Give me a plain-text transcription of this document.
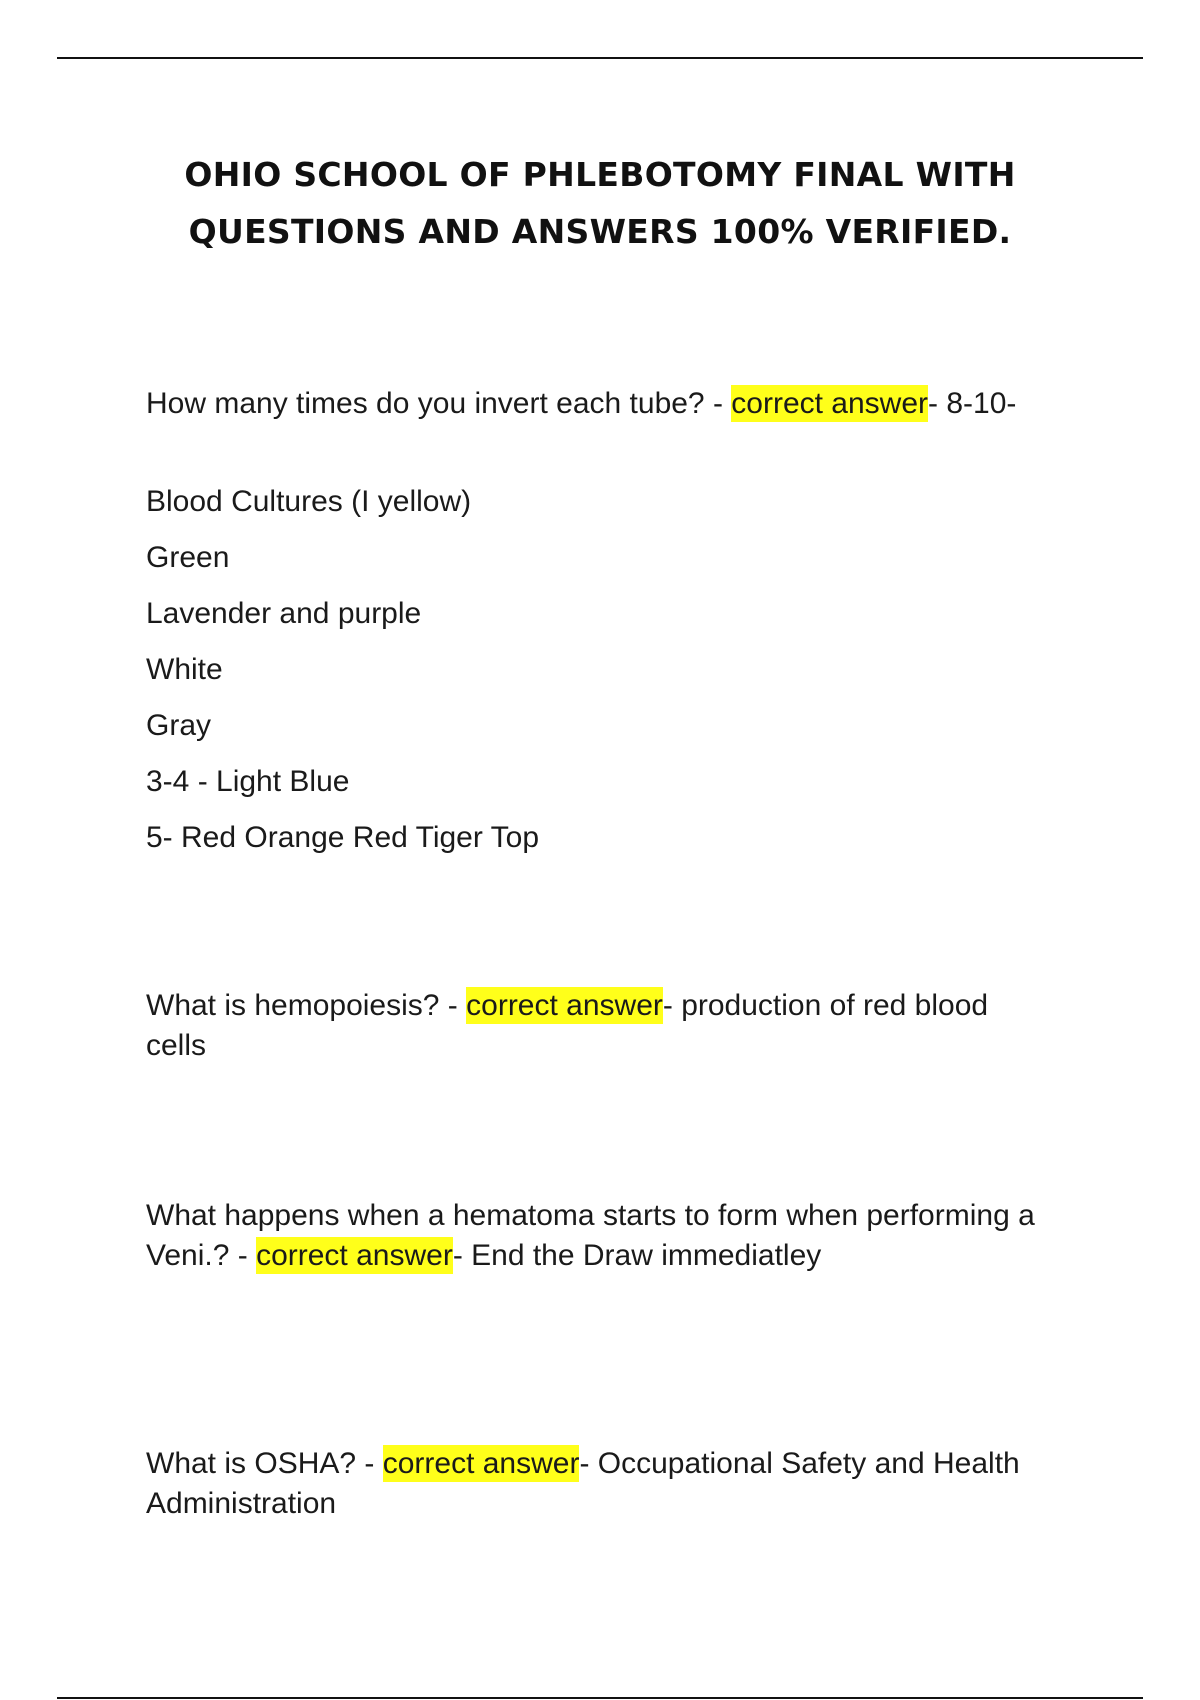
OHIO SCHOOL OF PHLEBOTOMY FINAL WITH
QUESTIONS AND ANSWERS 100% VERIFIED.
How many times do you invert each tube? - correct answer- 8-10-
Blood Cultures (I yellow)
Green
Lavender and purple
White
Gray
3-4 - Light Blue
5- Red Orange Red Tiger Top
What is hemopoiesis? - correct answer- production of red blood cells
What happens when a hematoma starts to form when performing a Veni.? - correct answer- End the Draw immediatley
What is OSHA? - correct answer- Occupational Safety and Health Administration
